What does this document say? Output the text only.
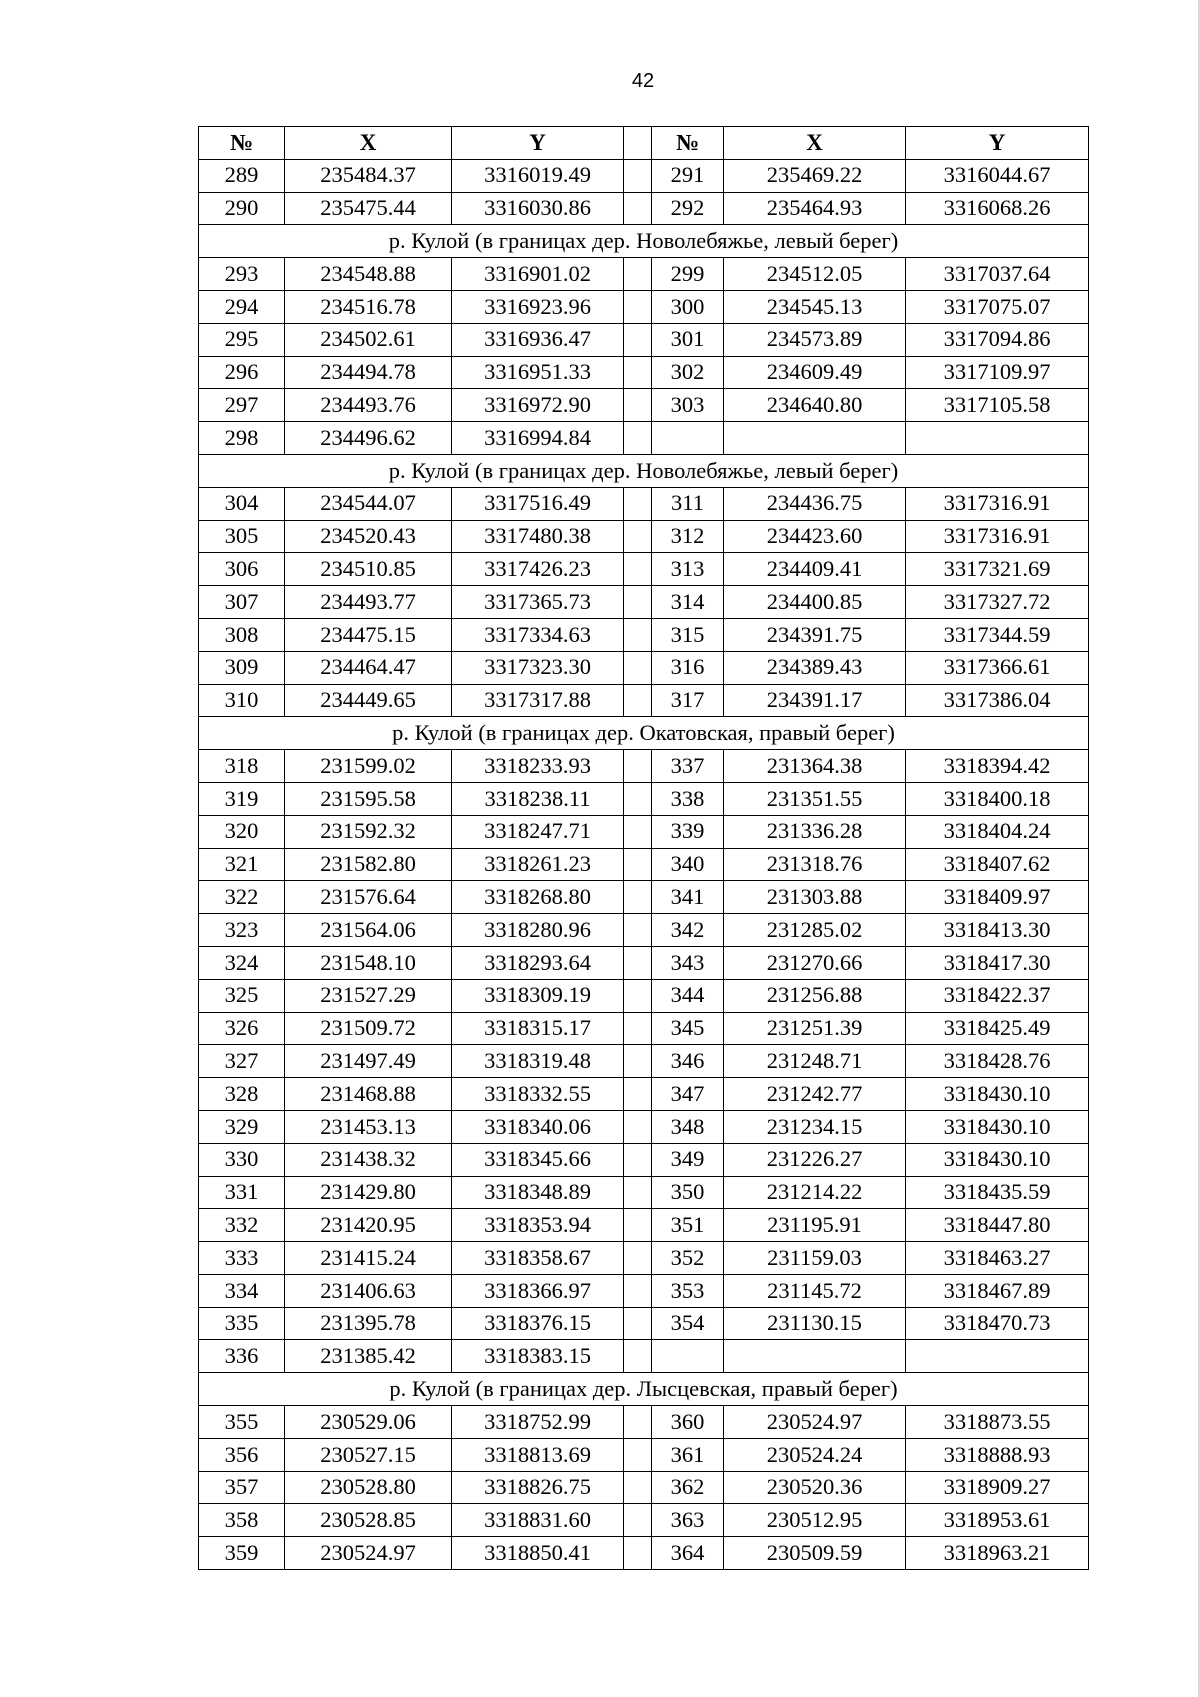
42
№	X	Y		№	X	Y
289	235484.37	3316019.49		291	235469.22	3316044.67
290	235475.44	3316030.86		292	235464.93	3316068.26
р. Кулой (в границах дер. Новолебяжье, левый берег)						
293	234548.88	3316901.02		299	234512.05	3317037.64
294	234516.78	3316923.96		300	234545.13	3317075.07
295	234502.61	3316936.47		301	234573.89	3317094.86
296	234494.78	3316951.33		302	234609.49	3317109.97
297	234493.76	3316972.90		303	234640.80	3317105.58
298	234496.62	3316994.84				
р. Кулой (в границах дер. Новолебяжье, левый берег)						
304	234544.07	3317516.49		311	234436.75	3317316.91
305	234520.43	3317480.38		312	234423.60	3317316.91
306	234510.85	3317426.23		313	234409.41	3317321.69
307	234493.77	3317365.73		314	234400.85	3317327.72
308	234475.15	3317334.63		315	234391.75	3317344.59
309	234464.47	3317323.30		316	234389.43	3317366.61
310	234449.65	3317317.88		317	234391.17	3317386.04
р. Кулой (в границах дер. Окатовская, правый берег)						
318	231599.02	3318233.93		337	231364.38	3318394.42
319	231595.58	3318238.11		338	231351.55	3318400.18
320	231592.32	3318247.71		339	231336.28	3318404.24
321	231582.80	3318261.23		340	231318.76	3318407.62
322	231576.64	3318268.80		341	231303.88	3318409.97
323	231564.06	3318280.96		342	231285.02	3318413.30
324	231548.10	3318293.64		343	231270.66	3318417.30
325	231527.29	3318309.19		344	231256.88	3318422.37
326	231509.72	3318315.17		345	231251.39	3318425.49
327	231497.49	3318319.48		346	231248.71	3318428.76
328	231468.88	3318332.55		347	231242.77	3318430.10
329	231453.13	3318340.06		348	231234.15	3318430.10
330	231438.32	3318345.66		349	231226.27	3318430.10
331	231429.80	3318348.89		350	231214.22	3318435.59
332	231420.95	3318353.94		351	231195.91	3318447.80
333	231415.24	3318358.67		352	231159.03	3318463.27
334	231406.63	3318366.97		353	231145.72	3318467.89
335	231395.78	3318376.15		354	231130.15	3318470.73
336	231385.42	3318383.15				
р. Кулой (в границах дер. Лысцевская, правый берег)						
355	230529.06	3318752.99		360	230524.97	3318873.55
356	230527.15	3318813.69		361	230524.24	3318888.93
357	230528.80	3318826.75		362	230520.36	3318909.27
358	230528.85	3318831.60		363	230512.95	3318953.61
359	230524.97	3318850.41		364	230509.59	3318963.21
